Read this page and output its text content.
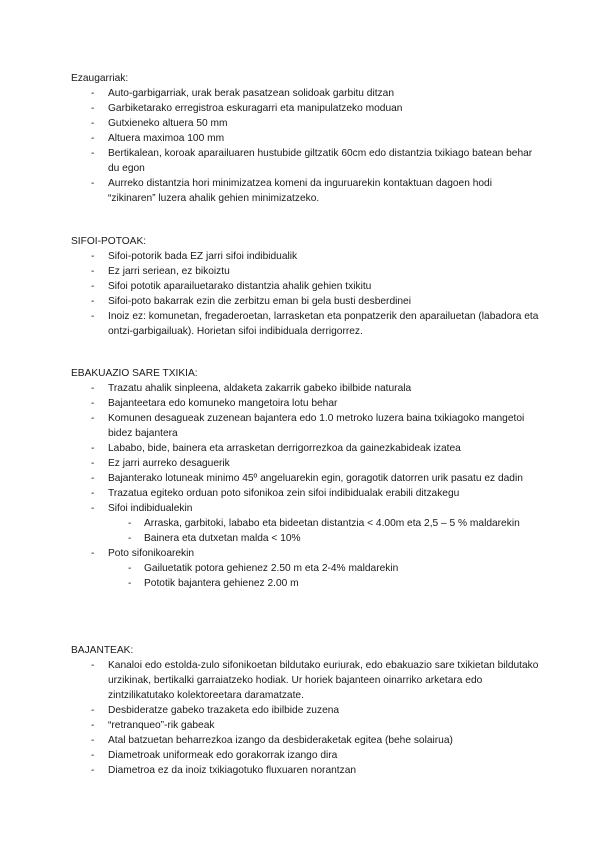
Ezaugarriak:

- Auto-garbigarriak, urak berak pasatzean solidoak garbitu ditzan
- Garbiketarako erregistroa eskuragarri eta manipulatzeko moduan
- Gutxieneko altuera 50 mm
- Altuera maximoa 100 mm
- Bertikalean, koroak aparailuaren hustubide giltzatik 60cm edo distantzia txikiago batean behar du egon
- Aurreko distantzia hori minimizatzea komeni da inguruarekin kontaktuan dagoen hodi “zikinaren” luzera ahalik gehien minimizatzeko.

SIFOI-POTOAK:

- Sifoi-potorik bada EZ jarri sifoi indibidualik
- Ez jarri seriean, ez bikoiztu
- Sifoi pototik aparailuetarako distantzia ahalik gehien txikitu
- Sifoi-poto bakarrak ezin die zerbitzu eman bi gela busti desberdinei
- Inoiz ez: komunetan, fregaderoetan, larrasketan eta ponpatzerik den aparailuetan (labadora eta ontzi-garbigailuak). Horietan sifoi indibiduala derrigorrez.

EBAKUAZIO SARE TXIKIA:

- Trazatu ahalik sinpleena, aldaketa zakarrik gabeko ibilbide naturala
- Bajanteetara edo komuneko mangetoira lotu behar
- Komunen desagueak zuzenean bajantera edo 1.0 metroko luzera baina txikiagoko mangetoi bidez bajantera
- Lababo, bide, bainera eta arrasketan derrigorrezkoa da gainezkabideak izatea
- Ez jarri aurreko desaguerik
- Bajanterako lotuneak minimo 45º angeluarekin egin, goragotik datorren urik pasatu ez dadin
- Trazatua egiteko orduan poto sifonikoa zein sifoi indibidualak erabili ditzakegu
- Sifoi indibidualekin
- Arraska, garbitoki, lababo eta bideetan distantzia < 4.00m eta 2,5 – 5 % maldarekin
- Bainera eta dutxetan malda < 10%
- Poto sifonikoarekin
- Gailuetatik potora gehienez 2.50 m eta 2-4% maldarekin
- Pototik bajantera gehienez 2.00 m

BAJANTEAK:

- Kanaloi edo estolda-zulo sifonikoetan bildutako euriurak, edo ebakuazio sare txikietan bildutako urzikinak, bertikalki garraiatzeko hodiak. Ur horiek bajanteen oinarriko arketara edo zintzilikatutako kolektoreetara daramatzate.
- Desbideratze gabeko trazaketa edo ibilbide zuzena
- “retranqueo”-rik gabeak
- Atal batzuetan beharrezkoa izango da desbideraketak egitea (behe solairua)
- Diametroak uniformeak edo gorakorrak izango dira
- Diametroa ez da inoiz txikiagotuko fluxuaren norantzan
